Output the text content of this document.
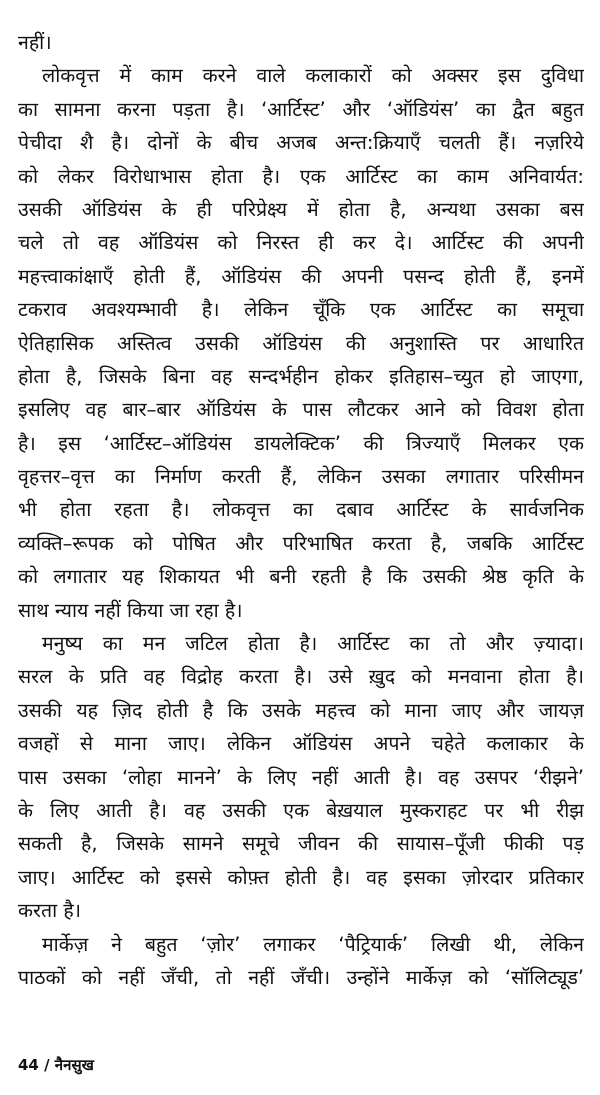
नहीं।
लोकवृत्त में काम करने वाले कलाकारों को अक्सर इस दुविधा
का सामना करना पड़ता है। ‘आर्टिस्ट’ और ‘ऑडियंस’ का द्वैत बहुत
पेचीदा शै है। दोनों के बीच अजब अन्त:क्रियाएँ चलती हैं। नज़रिये
को लेकर विरोधाभास होता है। एक आर्टिस्ट का काम अनिवार्यत:
उसकी ऑडियंस के ही परिप्रेक्ष्य में होता है, अन्यथा उसका बस
चले तो वह ऑडियंस को निरस्त ही कर दे। आर्टिस्ट की अपनी
महत्त्वाकांक्षाएँ होती हैं, ऑडियंस की अपनी पसन्द होती हैं, इनमें
टकराव अवश्यम्भावी है। लेकिन चूँकि एक आर्टिस्ट का समूचा
ऐतिहासिक अस्तित्व उसकी ऑडियंस की अनुशास्ति पर आधारित
होता है, जिसके बिना वह सन्दर्भहीन होकर इतिहास–च्युत हो जाएगा,
इसलिए वह बार–बार ऑडियंस के पास लौटकर आने को विवश होता
है। इस ‘आर्टिस्ट–ऑडियंस डायलेक्टिक’ की त्रिज्याएँ मिलकर एक
वृहत्तर–वृत्त का निर्माण करती हैं, लेकिन उसका लगातार परिसीमन
भी होता रहता है। लोकवृत्त का दबाव आर्टिस्ट के सार्वजनिक
व्यक्ति–रूपक को पोषित और परिभाषित करता है, जबकि आर्टिस्ट
को लगातार यह शिकायत भी बनी रहती है कि उसकी श्रेष्ठ कृति के
साथ न्याय नहीं किया जा रहा है।
मनुष्य का मन जटिल होता है। आर्टिस्ट का तो और ज़्यादा।
सरल के प्रति वह विद्रोह करता है। उसे ख़ुद को मनवाना होता है।
उसकी यह ज़िद होती है कि उसके महत्त्व को माना जाए और जायज़
वजहों से माना जाए। लेकिन ऑडियंस अपने चहेते कलाकार के
पास उसका ‘लोहा मानने’ के लिए नहीं आती है। वह उसपर ‘रीझने’
के लिए आती है। वह उसकी एक बेख़याल मुस्कराहट पर भी रीझ
सकती है, जिसके सामने समूचे जीवन की सायास–पूँजी फीकी पड़
जाए। आर्टिस्ट को इससे कोफ़्त होती है। वह इसका ज़ोरदार प्रतिकार
करता है।
मार्केज़ ने बहुत ‘ज़ोर’ लगाकर ‘पैट्रियार्क’ लिखी थी, लेकिन
पाठकों को नहीं जँची, तो नहीं जँची। उन्होंने मार्केज़ को ‘सॉलिट्यूड’
44 / नैनसुख
